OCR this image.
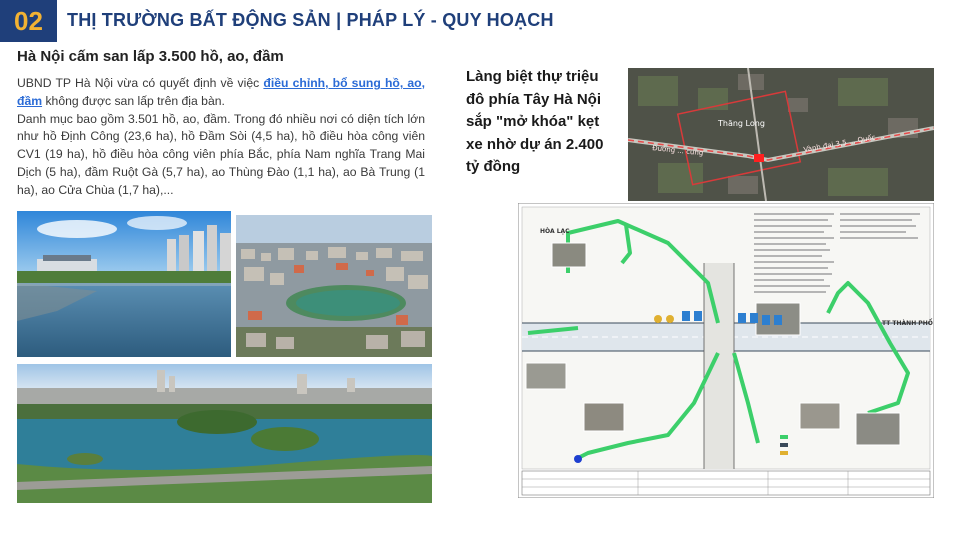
02	THỊ TRƯỜNG BẤT ĐỘNG SẢN | PHÁP LÝ - QUY HOẠCH
Hà Nội cấm san lấp 3.500 hồ, ao, đầm
UBND TP Hà Nội vừa có quyết định về việc điều chỉnh, bổ sung hồ, ao, đầm không được san lấp trên địa bàn.
Danh mục bao gồm 3.501 hồ, ao, đầm. Trong đó nhiều nơi có diện tích lớn như hồ Định Công (23,6 ha), hồ Đầm Sòi (4,5 ha), hồ điều hòa công viên CV1 (19 ha), hồ điều hòa công viên phía Bắc, phía Nam nghĩa Trang Mai Dịch (5 ha), đầm Ruột Gà (5,7 ha), ao Thùng Đào (1,1 ha), ao Bà Trung (1 ha), ao Cửa Chùa (1,7 ha),...
Làng biệt thự triệu đô phía Tây Hà Nội sắp "mở khóa" kẹt xe nhờ dự án 2.400 tỷ đồng
Thăng Long
Đường ... cung	Vành đai 3,5 ... Quốc ...
HÒA LẠC
TT THÀNH PHỐ
